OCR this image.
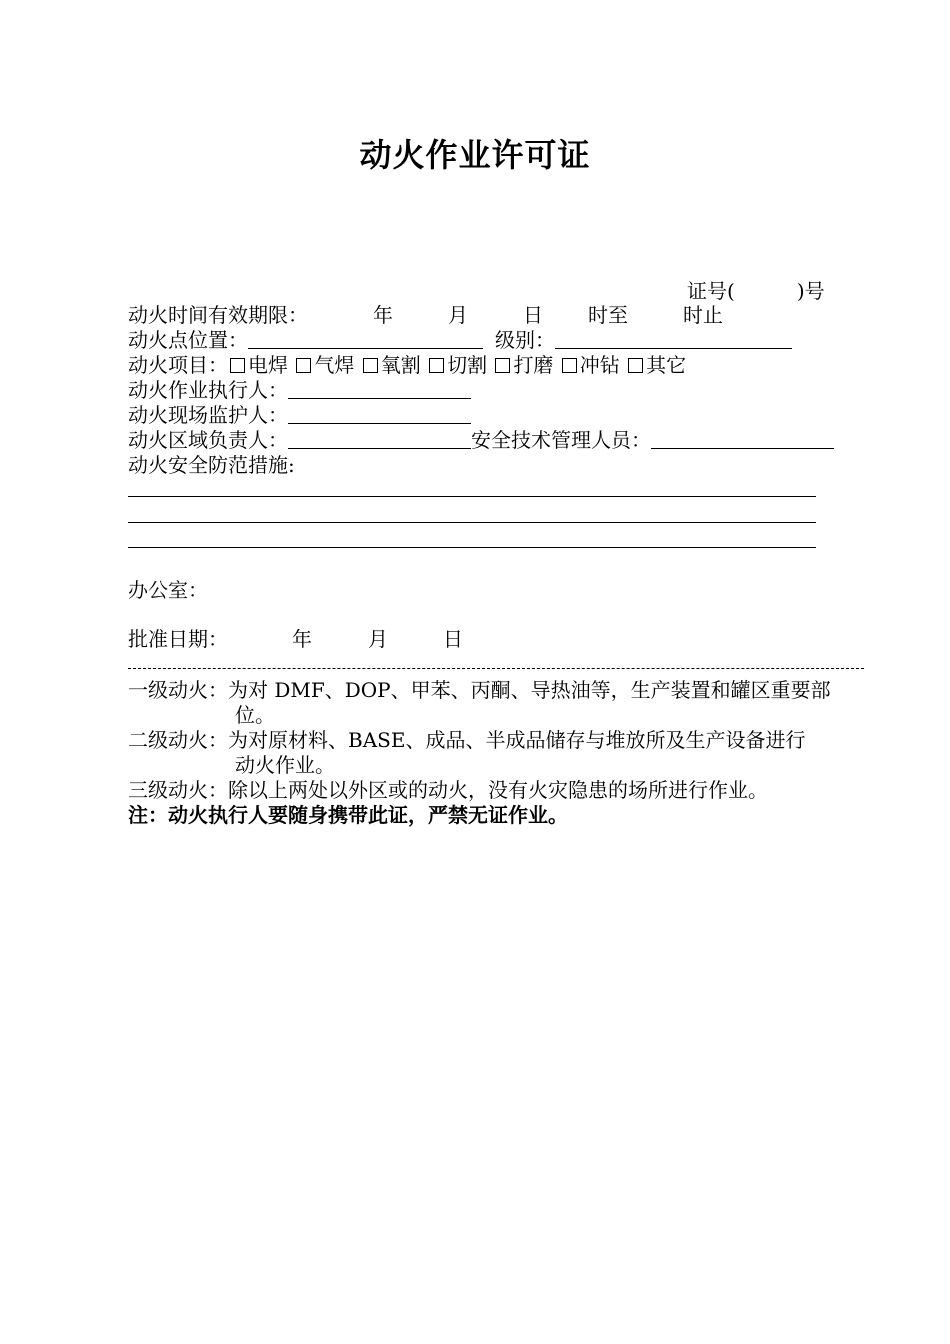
动火作业许可证
证号(	)号
动火时间有效期限：	年	月	日 时至	时止
动火点位置：	级别：
动火项目： 电焊 气焊 氧割 切割 打磨 冲钻 其它
动火作业执行人：
动火现场监护人：
动火区域负责人：	安全技术管理人员：
动火安全防范措施:
办公室：
批准日期：	年	月	日
一级动火：为对 DMF、DOP、甲苯、丙酮、导热油等，生产装置和罐区重要部
位。
二级动火：为对原材料、BASE、成品、半成品储存与堆放所及生产设备进行
动火作业。
三级动火：除以上两处以外区或的动火，没有火灾隐患的场所进行作业。
注：动火执行人要随身携带此证，严禁无证作业。
